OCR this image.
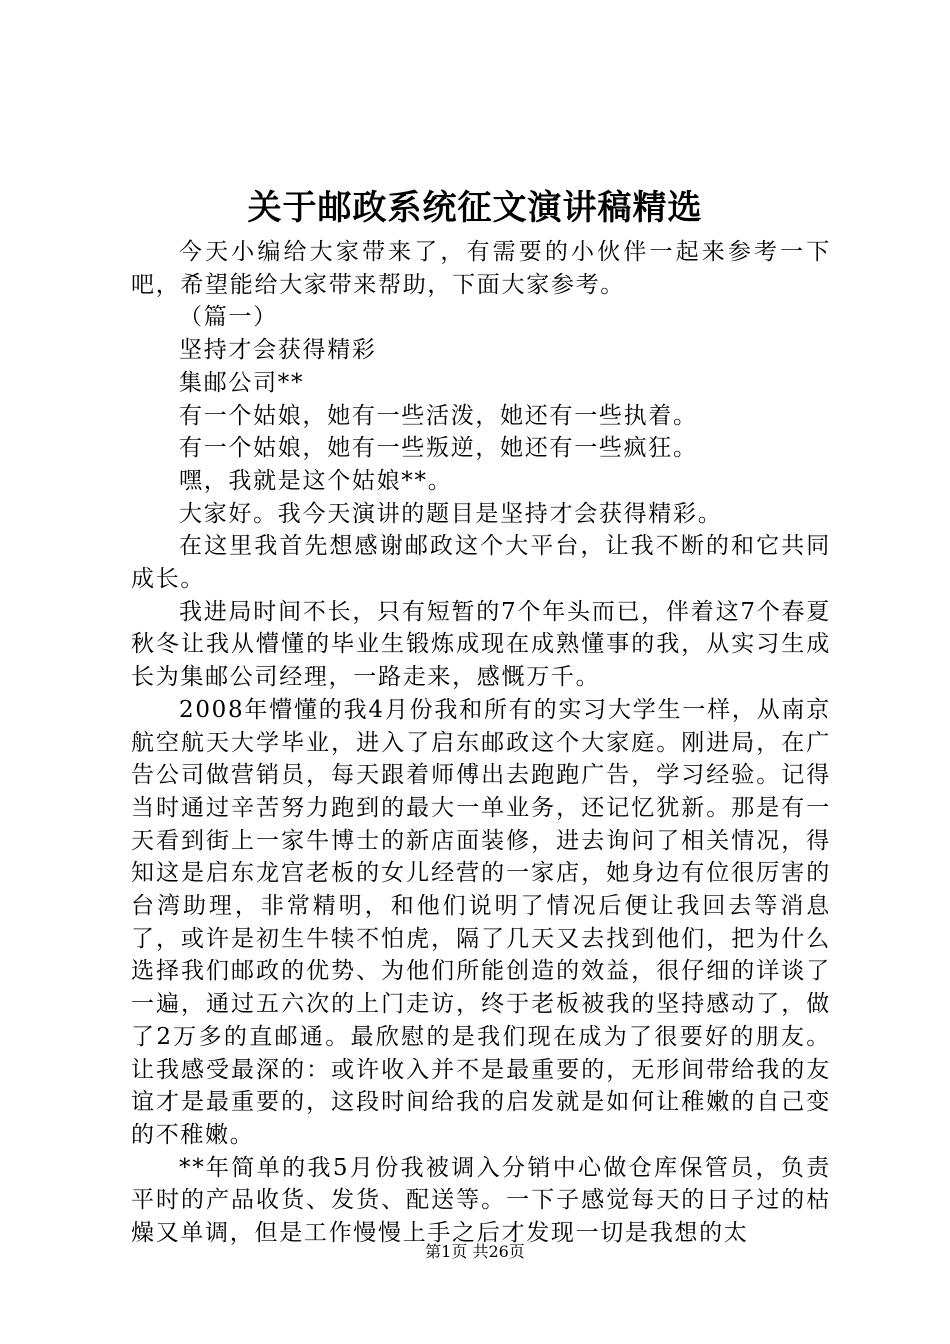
关于邮政系统征文演讲稿精选

今天小编给大家带来了，有需要的小伙伴一起来参考一下吧，希望能给大家带来帮助，下面大家参考。

（篇一）

坚持才会获得精彩

集邮公司**

有一个姑娘，她有一些活泼，她还有一些执着。

有一个姑娘，她有一些叛逆，她还有一些疯狂。

嘿，我就是这个姑娘**。

大家好。我今天演讲的题目是坚持才会获得精彩。

在这里我首先想感谢邮政这个大平台，让我不断的和它共同成长。

我进局时间不长，只有短暂的7个年头而已，伴着这7个春夏秋冬让我从懵懂的毕业生锻炼成现在成熟懂事的我，从实习生成长为集邮公司经理，一路走来，感慨万千。

2008年懵懂的我4月份我和所有的实习大学生一样，从南京航空航天大学毕业，进入了启东邮政这个大家庭。刚进局，在广告公司做营销员，每天跟着师傅出去跑跑广告，学习经验。记得当时通过辛苦努力跑到的最大一单业务，还记忆犹新。那是有一天看到街上一家牛博士的新店面装修，进去询问了相关情况，得知这是启东龙宫老板的女儿经营的一家店，她身边有位很厉害的台湾助理，非常精明，和他们说明了情况后便让我回去等消息了，或许是初生牛犊不怕虎，隔了几天又去找到他们，把为什么选择我们邮政的优势、为他们所能创造的效益，很仔细的详谈了一遍，通过五六次的上门走访，终于老板被我的坚持感动了，做了2万多的直邮通。最欣慰的是我们现在成为了很要好的朋友。让我感受最深的：或许收入并不是最重要的，无形间带给我的友谊才是最重要的，这段时间给我的启发就是如何让稚嫩的自己变的不稚嫩。

**年简单的我5月份我被调入分销中心做仓库保管员，负责平时的产品收货、发货、配送等。一下子感觉每天的日子过的枯燥又单调，但是工作慢慢上手之后才发现一切是我想的太

第1页 共26页
